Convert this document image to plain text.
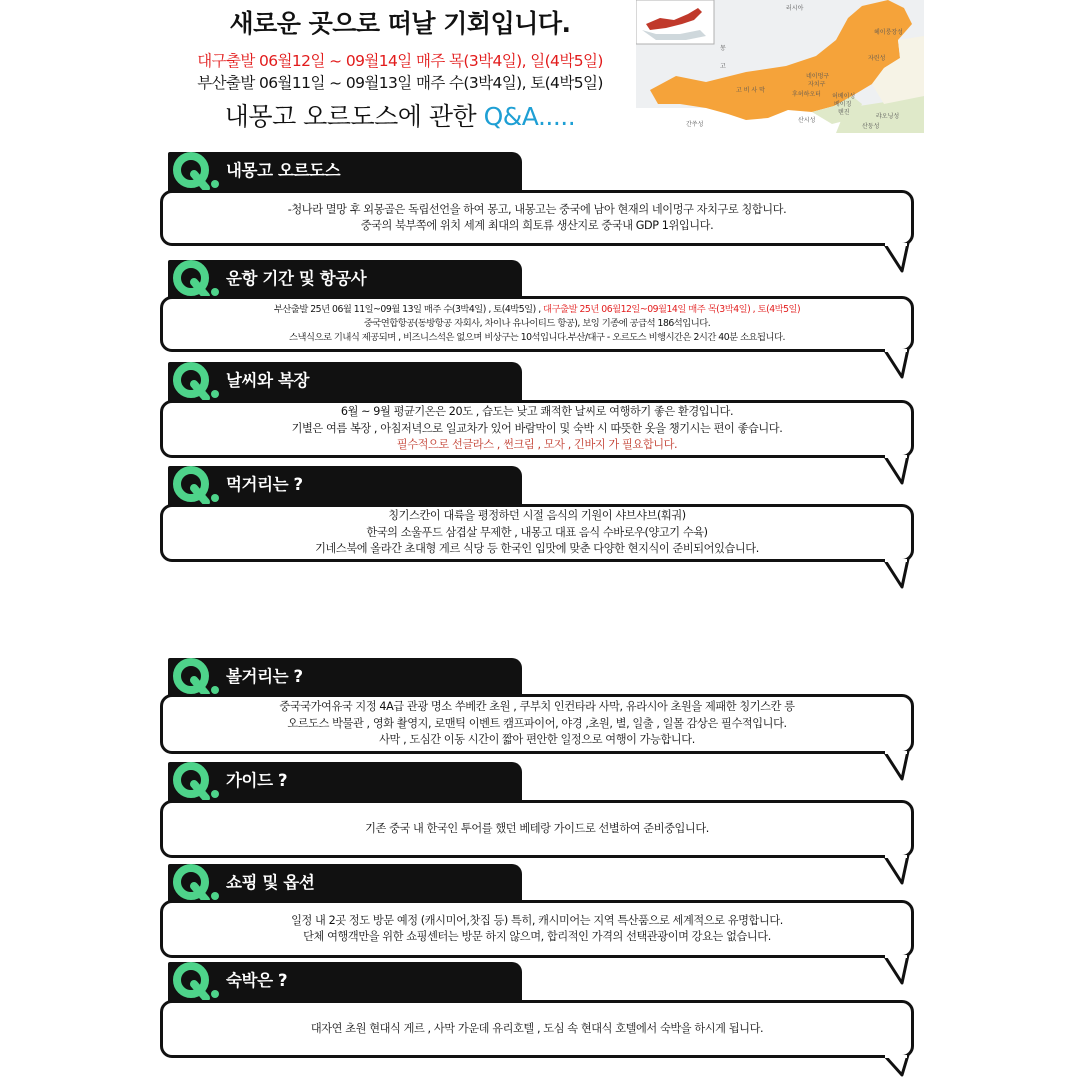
새로운 곳으로 떠날 기회입니다.
대구출발 06월12일 ~ 09월14일 매주 목(3박4일), 일(4박5일)
부산출발 06월11일 ~ 09월13일 매주 수(3박4일), 토(4박5일)
내몽고 오르도스에 관한 Q&A.....
러시아
몽
고
고 비 사 막
네이멍구
자치구
자린성
헤이룽장성
후허하오터 허베이성
베이징
톈진
간쑤성
산시성
랴오닝성
산둥성
내몽고 오르도스
-청나라 멸망 후 외몽골은 독립선언을 하여 몽고, 내몽고는 중국에 남아 현재의 네이멍구 자치구로 칭합니다.
중국의 북부쪽에 위치 세계 최대의 희토류 생산지로 중국내 GDP 1위입니다.
운항 기간 및 항공사
부산출발 25년 06월 11일~09월 13일 매주 수(3박4일) , 토(4박5일) , 대구출발 25년 06월12일~09월14일 매주 목(3박4일) , 토(4박5일)
중국연합항공(동방항공 자회사, 차이나 유나이티드 항공), 보잉 기종에 공급석 186석입니다.
스낵식으로 기내식 제공되며 , 비즈니스석은 없으며 비상구는 10석입니다.부산/대구 - 오르도스 비행시간은 2시간 40분 소요됩니다.
날씨와 복장
6월 ~ 9월 평균기온은 20도 , 습도는 낮고 쾌적한 날씨로 여행하기 좋은 환경입니다.
기별은 여름 복장 , 아침저녁으로 일교차가 있어 바람막이 및 숙박 시 따뜻한 옷을 챙기시는 편이 좋습니다.
필수적으로 선글라스 , 썬크림 , 모자 , 긴바지 가 필요합니다.
먹거리는 ?
칭기스칸이 대륙을 평정하던 시절 음식의 기원이 샤브샤브(훠궈)
한국의 소울푸드 삼겹살 무제한 , 내몽고 대표 음식 수바로우(양고기 수육)
기네스북에 올라간 초대형 게르 식당 등 한국인 입맛에 맞춘 다양한 현지식이 준비되어있습니다.
볼거리는 ?
중국국가여유국 지정 4A급 관광 명소 쑤베칸 초원 , 쿠부치 인컨타라 사막, 유라시아 초원을 제패한 칭기스칸 릉
오르도스 박물관 , 영화 촬영지, 로맨틱 이벤트 캠프파이어, 야경 ,초원, 별, 일출 , 일몰 감상은 필수적입니다.
사막 , 도심간 이동 시간이 짧아 편안한 일정으로 여행이 가능합니다.
가이드 ?
기존 중국 내 한국인 투어를 했던 베테랑 가이드로 선별하여 준비중입니다.
쇼핑 및 옵션
일정 내 2곳 정도 방문 예정 (캐시미어,찻집 등) 특히, 캐시미어는 지역 특산품으로 세계적으로 유명합니다.
단체 여행객만을 위한 쇼핑센터는 방문 하지 않으며, 합리적인 가격의 선택관광이며 강요는 없습니다.
숙박은 ?
대자연 초원 현대식 게르 , 사막 가운데 유리호텔 , 도심 속 현대식 호텔에서 숙박을 하시게 됩니다.
